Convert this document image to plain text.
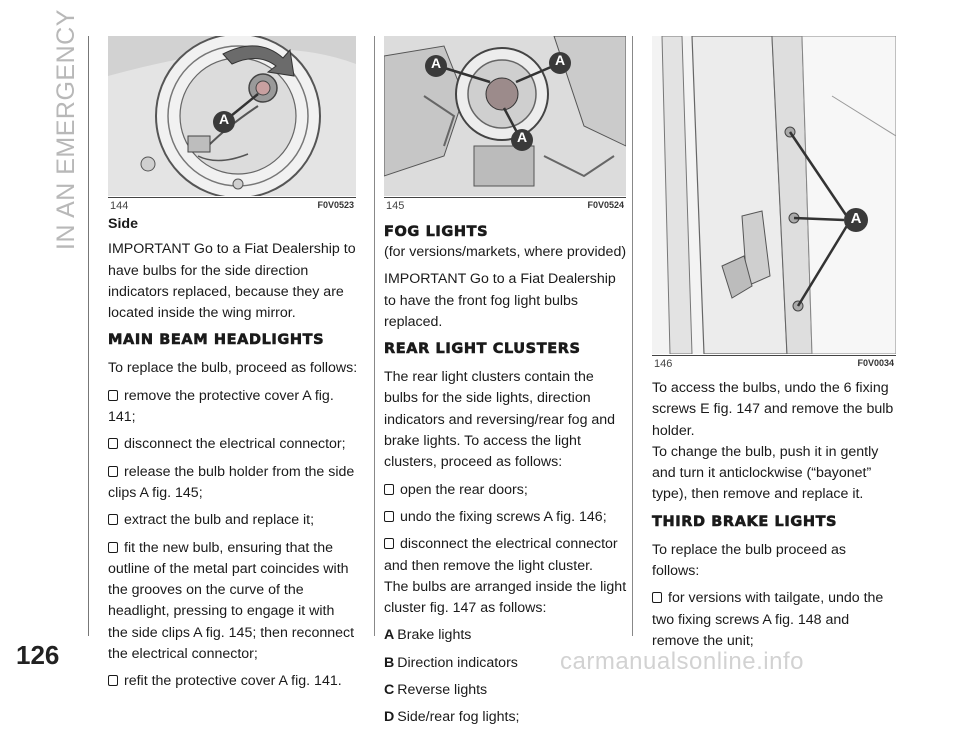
IN AN EMERGENCY
126
A
144	F0V0523
A	A
A
145	F0V0524
A
146	F0V0034

Side

IMPORTANT Go to a Fiat Dealership to have bulbs for the side direction indicators replaced, because they are located inside the wing mirror.

MAIN BEAM HEADLIGHTS

To replace the bulb, proceed as follows:

remove the protective cover A fig. 141;

disconnect the electrical connector;

release the bulb holder from the side clips A fig. 145;

extract the bulb and replace it;

fit the new bulb, ensuring that the outline of the metal part coincides with the grooves on the curve of the headlight, pressing to engage it with the side clips A fig. 145; then reconnect the electrical connector;

refit the protective cover A fig. 141.

FOG LIGHTS

(for versions/markets, where provided)

IMPORTANT Go to a Fiat Dealership to have the front fog light bulbs replaced.

REAR LIGHT CLUSTERS

The rear light clusters contain the bulbs for the side lights, direction indicators and reversing/rear fog and brake lights. To access the light clusters, proceed as follows:

open the rear doors;

undo the fixing screws A fig. 146;

disconnect the electrical connector and then remove the light cluster.

The bulbs are arranged inside the light cluster fig. 147 as follows:

A Brake lights

B Direction indicators

C Reverse lights

D Side/rear fog lights;

To access the bulbs, undo the 6 fixing screws E fig. 147 and remove the bulb holder.

To change the bulb, push it in gently and turn it anticlockwise (“bayonet” type), then remove and replace it.

THIRD BRAKE LIGHTS

To replace the bulb proceed as follows:

for versions with tailgate, undo the two fixing screws A fig. 148 and remove the unit;

carmanualsonline.info
